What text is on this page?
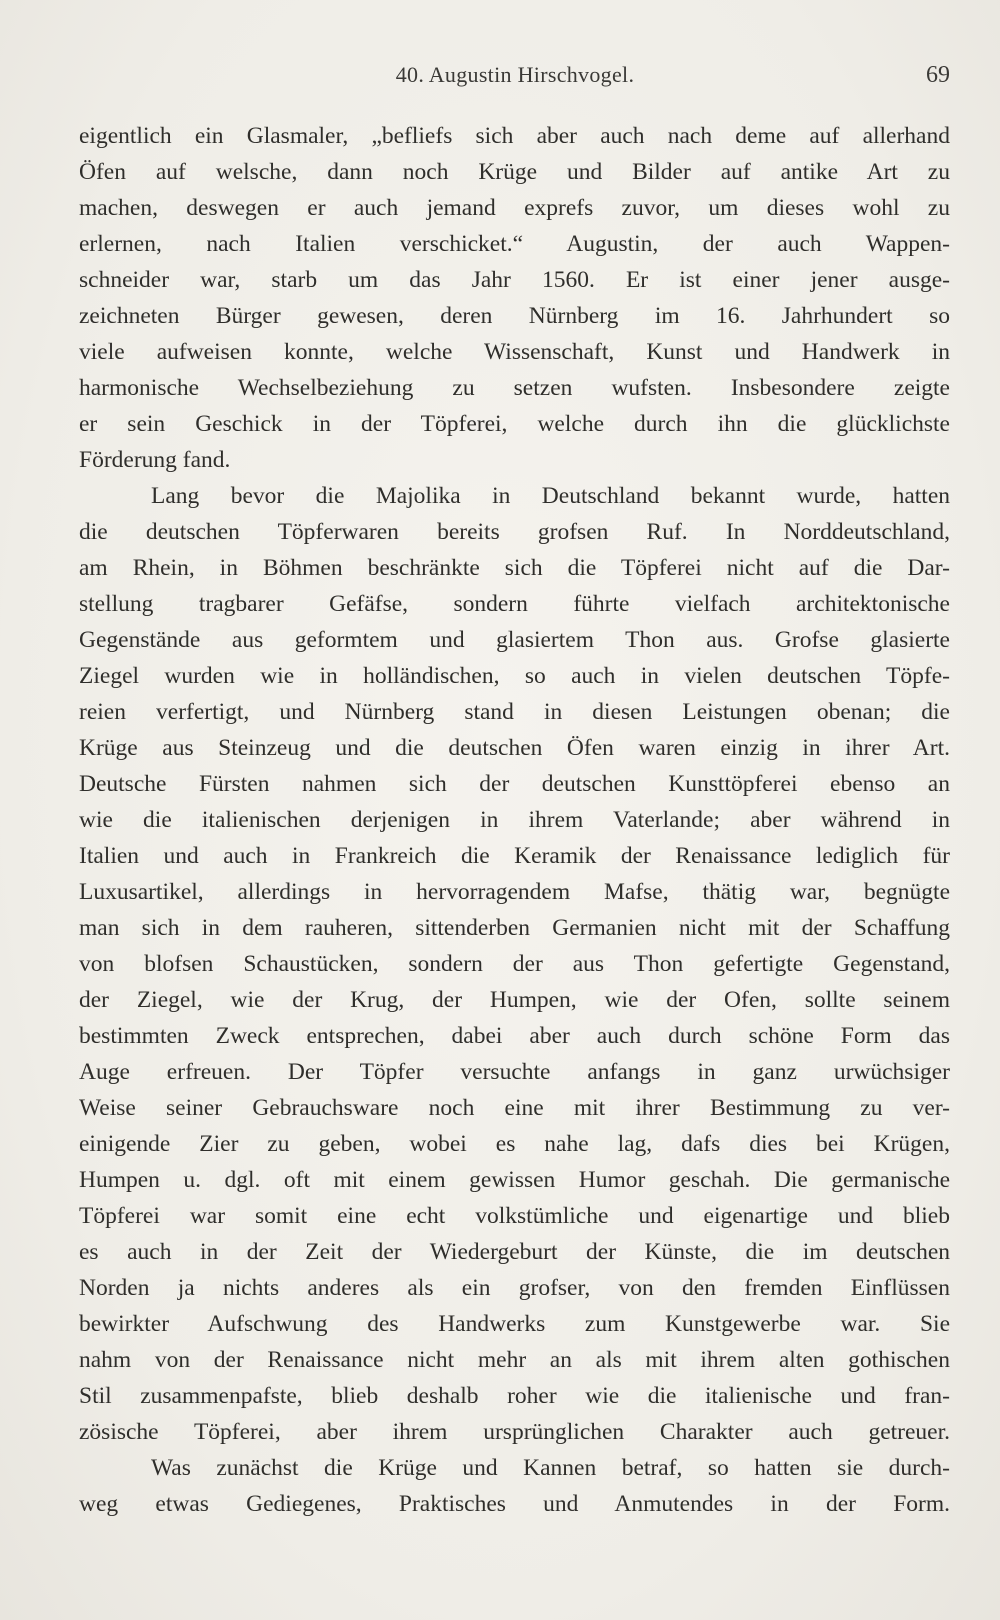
40. Augustin Hirschvogel.	69
eigentlich ein Glasmaler, „befliefs sich aber auch nach deme auf allerhand
Öfen auf welsche, dann noch Krüge und Bilder auf antike Art zu
machen, deswegen er auch jemand exprefs zuvor, um dieses wohl zu
erlernen, nach Italien verschicket.“ Augustin, der auch Wappen-
schneider war, starb um das Jahr 1560. Er ist einer jener ausge-
zeichneten Bürger gewesen, deren Nürnberg im 16. Jahrhundert so
viele aufweisen konnte, welche Wissenschaft, Kunst und Handwerk in
harmonische Wechselbeziehung zu setzen wufsten. Insbesondere zeigte
er sein Geschick in der Töpferei, welche durch ihn die glücklichste
Förderung fand.
Lang bevor die Majolika in Deutschland bekannt wurde, hatten
die deutschen Töpferwaren bereits grofsen Ruf. In Norddeutschland,
am Rhein, in Böhmen beschränkte sich die Töpferei nicht auf die Dar-
stellung tragbarer Gefäfse, sondern führte vielfach architektonische
Gegenstände aus geformtem und glasiertem Thon aus. Grofse glasierte
Ziegel wurden wie in holländischen, so auch in vielen deutschen Töpfe-
reien verfertigt, und Nürnberg stand in diesen Leistungen obenan; die
Krüge aus Steinzeug und die deutschen Öfen waren einzig in ihrer Art.
Deutsche Fürsten nahmen sich der deutschen Kunsttöpferei ebenso an
wie die italienischen derjenigen in ihrem Vaterlande; aber während in
Italien und auch in Frankreich die Keramik der Renaissance lediglich für
Luxusartikel, allerdings in hervorragendem Mafse, thätig war, begnügte
man sich in dem rauheren, sittenderben Germanien nicht mit der Schaffung
von blofsen Schaustücken, sondern der aus Thon gefertigte Gegenstand,
der Ziegel, wie der Krug, der Humpen, wie der Ofen, sollte seinem
bestimmten Zweck entsprechen, dabei aber auch durch schöne Form das
Auge erfreuen. Der Töpfer versuchte anfangs in ganz urwüchsiger
Weise seiner Gebrauchsware noch eine mit ihrer Bestimmung zu ver-
einigende Zier zu geben, wobei es nahe lag, dafs dies bei Krügen,
Humpen u. dgl. oft mit einem gewissen Humor geschah. Die germanische
Töpferei war somit eine echt volkstümliche und eigenartige und blieb
es auch in der Zeit der Wiedergeburt der Künste, die im deutschen
Norden ja nichts anderes als ein grofser, von den fremden Einflüssen
bewirkter Aufschwung des Handwerks zum Kunstgewerbe war. Sie
nahm von der Renaissance nicht mehr an als mit ihrem alten gothischen
Stil zusammenpafste, blieb deshalb roher wie die italienische und fran-
zösische Töpferei, aber ihrem ursprünglichen Charakter auch getreuer.
Was zunächst die Krüge und Kannen betraf, so hatten sie durch-
weg etwas Gediegenes, Praktisches und Anmutendes in der Form.
